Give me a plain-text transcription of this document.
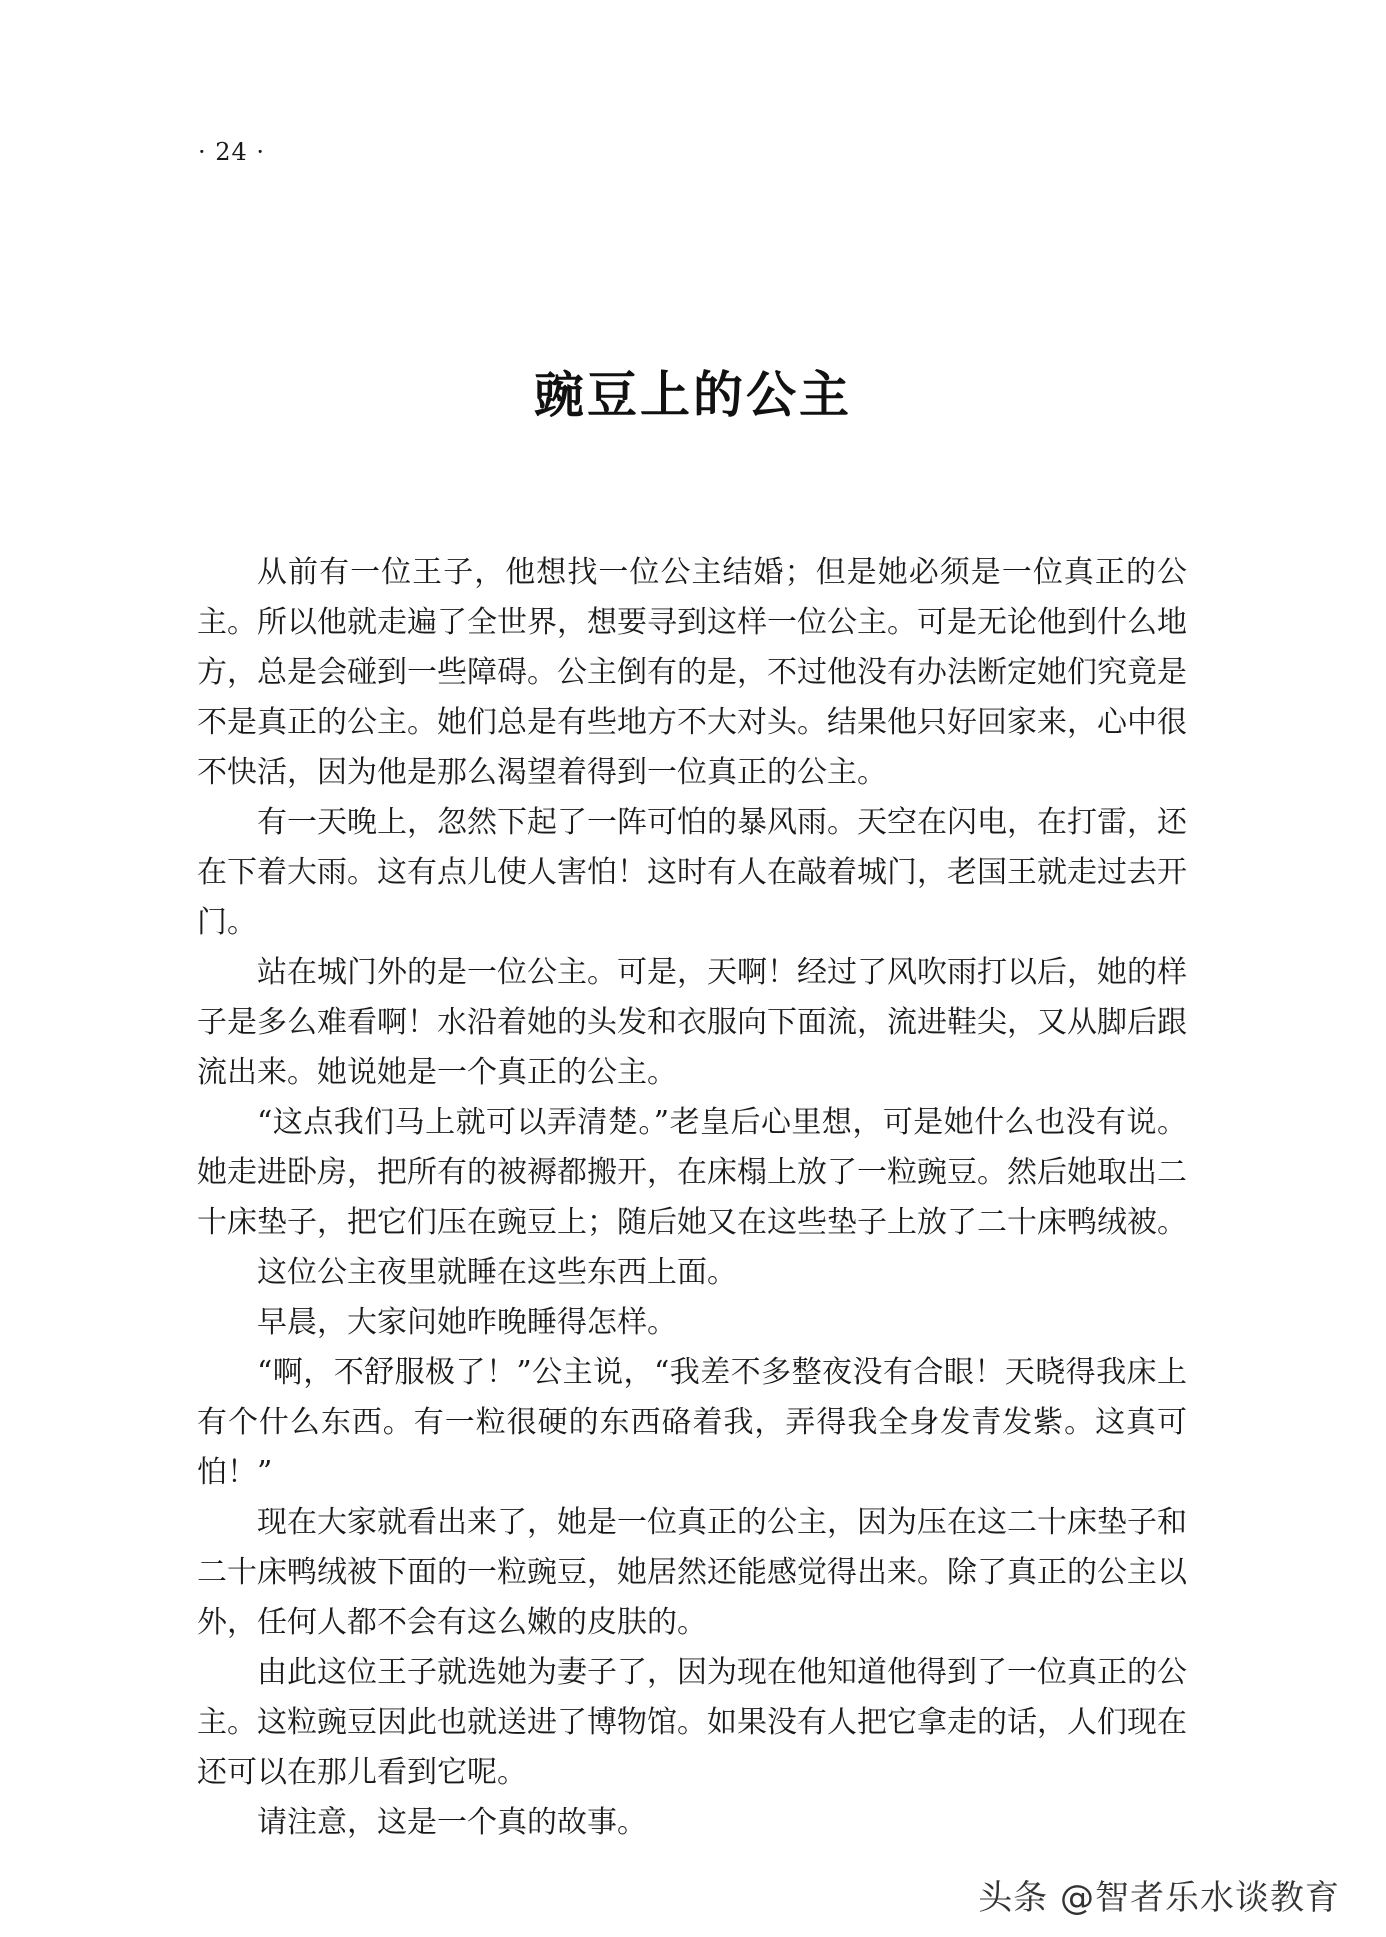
· 24 ·
豌豆上的公主

从前有一位王子，他想找一位公主结婚；但是她必须是一位真正的公主。所以他就走遍了全世界，想要寻到这样一位公主。可是无论他到什么地方，总是会碰到一些障碍。公主倒有的是，不过他没有办法断定她们究竟是不是真正的公主。她们总是有些地方不大对头。结果他只好回家来，心中很不快活，因为他是那么渴望着得到一位真正的公主。

有一天晚上，忽然下起了一阵可怕的暴风雨。天空在闪电，在打雷，还在下着大雨。这有点儿使人害怕！这时有人在敲着城门，老国王就走过去开门。

站在城门外的是一位公主。可是，天啊！经过了风吹雨打以后，她的样子是多么难看啊！水沿着她的头发和衣服向下面流，流进鞋尖，又从脚后跟流出来。她说她是一个真正的公主。

“这点我们马上就可以弄清楚。”老皇后心里想，可是她什么也没有说。她走进卧房，把所有的被褥都搬开，在床榻上放了一粒豌豆。然后她取出二十床垫子，把它们压在豌豆上；随后她又在这些垫子上放了二十床鸭绒被。

这位公主夜里就睡在这些东西上面。

早晨，大家问她昨晚睡得怎样。

“啊，不舒服极了！”公主说，“我差不多整夜没有合眼！天晓得我床上有个什么东西。有一粒很硬的东西硌着我，弄得我全身发青发紫。这真可怕！”

现在大家就看出来了，她是一位真正的公主，因为压在这二十床垫子和二十床鸭绒被下面的一粒豌豆，她居然还能感觉得出来。除了真正的公主以外，任何人都不会有这么嫩的皮肤的。

由此这位王子就选她为妻子了，因为现在他知道他得到了一位真正的公主。这粒豌豆因此也就送进了博物馆。如果没有人把它拿走的话，人们现在还可以在那儿看到它呢。

请注意，这是一个真的故事。

头条 @智者乐水谈教育
